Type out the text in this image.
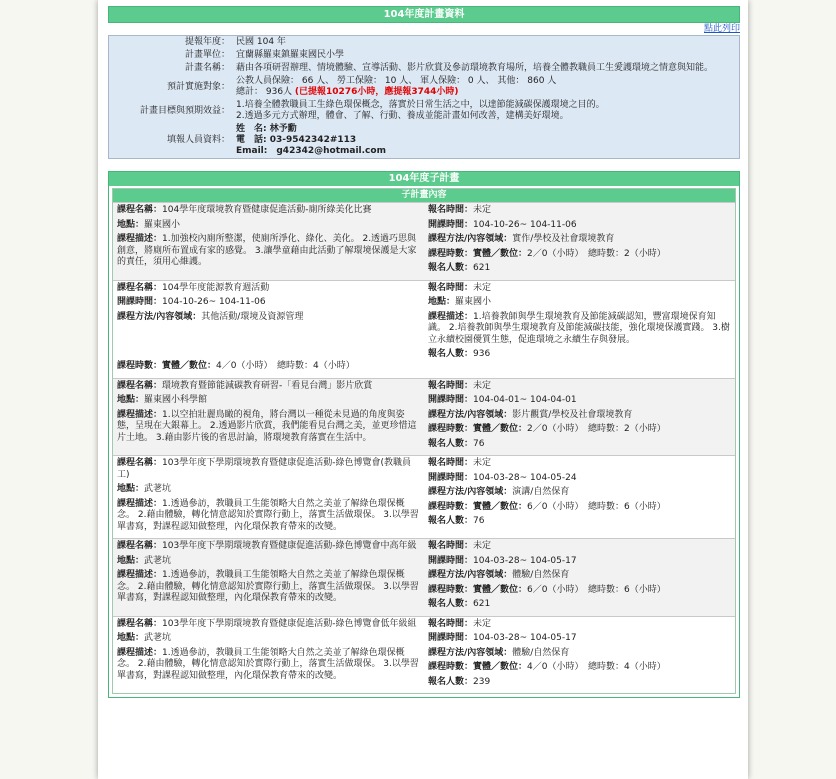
104年度計畫資料
點此列印
提報年度：	民國 104 年
計畫單位：	宜蘭縣羅東鎮羅東國民小學
計畫名稱：	藉由各項研習辦理、情境體驗、宣導活動、影片欣賞及參訪環境教育場所，培養全體教職員工生愛護環境之情意與知能。
預計實施對象：	公教人員保險： 66 人、 勞工保險： 10 人、 軍人保險： 0 人、 其他： 860 人
總計： 936人 (已提報10276小時，應提報3744小時)

計畫目標與預期效益：	1.培養全體教職員工生綠色環保概念，落實於日常生活之中，以達節能減碳保護環境之目的。
2.透過多元方式辦理，體會、了解、行動、養成並能計畫如何改善，建構美好環境。

填報人員資料：	姓　名: 林予勳
電　話: 03-9542342#113
Email:　g42342@hotmail.com
104年度子計畫
子計畫內容
課程名稱：104學年度環境教育暨健康促進活動-廁所綠美化比賽
地點：羅東國小
課程描述：1.加強校內廁所整潔，使廁所淨化、綠化、美化。 2.透過巧思與創意，將廁所布置成有家的感覺。 3.讓學童藉由此活動了解環境保護是大家的責任，須用心維護。
報名時間：未定
開課時間：104-10-26~ 104-11-06
課程方法/內容領域：實作/學校及社會環境教育
課程時數：實體／數位：2／0（小時）　總時數：2（小時）
報名人數：621
課程名稱：104學年度能源教育週活動
開課時間：104-10-26~ 104-11-06
課程方法/內容領域：其他活動/環境及資源管理
課程時數：實體／數位：4／0（小時）　總時數：4（小時）
報名時間：未定
地點：羅東國小
課程描述：1.培養教師與學生環境教育及節能減碳認知，豐富環境保育知識。 2.培養教師與學生環境教育及節能減碳技能，強化環境保護實踐。 3.樹立永續校園優質生態，促進環境之永續生存與發展。
報名人數：936
課程名稱：環境教育暨節能減碳教育研習-「看見台灣」影片欣賞
地點：羅東國小科學館
課程描述：1.以空拍壯麗鳥瞰的視角，將台灣以一種從未見過的角度與姿態，呈現在大銀幕上。 2.透過影片欣賞，我們能看見台灣之美，並更珍惜這片土地。 3.藉由影片後的省思討論，將環境教育落實在生活中。
報名時間：未定
開課時間：104-04-01~ 104-04-01
課程方法/內容領域：影片觀賞/學校及社會環境教育
課程時數：實體／數位：2／0（小時）　總時數：2（小時）
報名人數：76
課程名稱：103學年度下學期環境教育暨健康促進活動-綠色博覽會(教職員工)
地點：武荖坑
課程描述：1.透過參訪，教職員工生能領略大自然之美並了解綠色環保概念。 2.藉由體驗，轉化情意認知於實際行動上，落實生活做環保。 3.以學習單書寫，對課程認知做整理，內化環保教育帶來的改變。
報名時間：未定
開課時間：104-03-28~ 104-05-24
課程方法/內容領域：演講/自然保育
課程時數：實體／數位：6／0（小時）　總時數：6（小時）
報名人數：76
課程名稱：103學年度下學期環境教育暨健康促進活動-綠色博覽會中高年級
地點：武荖坑
課程描述：1.透過參訪，教職員工生能領略大自然之美並了解綠色環保概念。 2.藉由體驗，轉化情意認知於實際行動上，落實生活做環保。 3.以學習單書寫，對課程認知做整理，內化環保教育帶來的改變。
報名時間：未定
開課時間：104-03-28~ 104-05-17
課程方法/內容領域：體驗/自然保育
課程時數：實體／數位：6／0（小時）　總時數：6（小時）
報名人數：621
課程名稱：103學年度下學期環境教育暨健康促進活動-綠色博覽會低年級組
地點：武荖坑
課程描述：1.透過參訪，教職員工生能領略大自然之美並了解綠色環保概念。 2.藉由體驗，轉化情意認知於實際行動上，落實生活做環保。 3.以學習單書寫，對課程認知做整理，內化環保教育帶來的改變。
報名時間：未定
開課時間：104-03-28~ 104-05-17
課程方法/內容領域：體驗/自然保育
課程時數：實體／數位：4／0（小時）　總時數：4（小時）
報名人數：239
